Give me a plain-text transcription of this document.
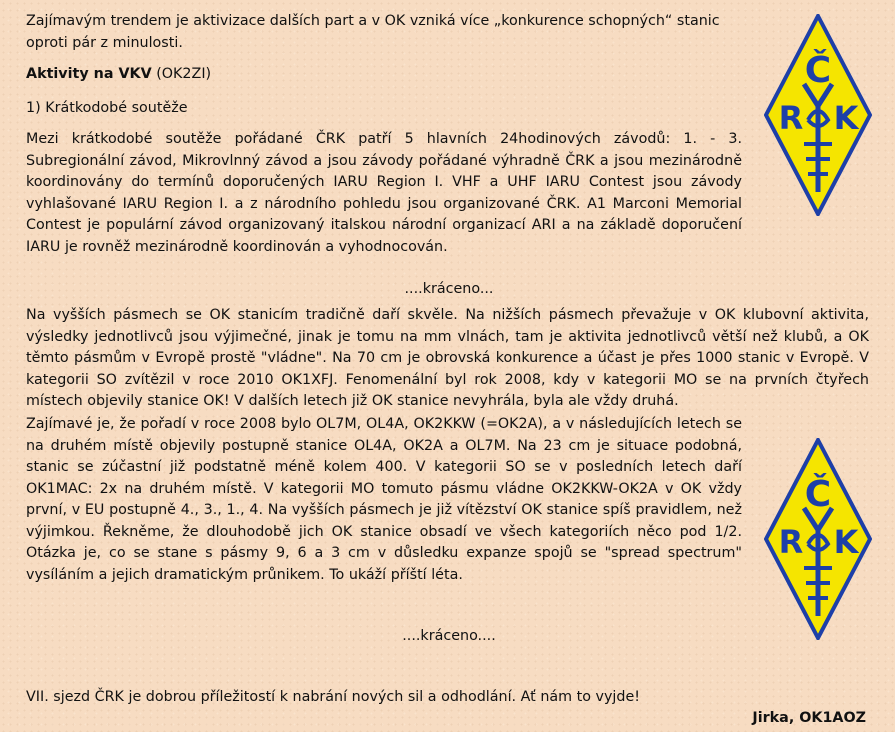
Zajímavým trendem je aktivizace dalších part a v OK vzniká více „konkurence schopných“ stanic oproti pár z minulosti.

Aktivity na VKV (OK2ZI)

1) Krátkodobé soutěže

Mezi krátkodobé soutěže pořádané ČRK patří 5 hlavních 24hodinových závodů: 1. - 3. Subregionální závod, Mikrovlnný závod a jsou závody pořádané výhradně ČRK a jsou mezinárodně koordinovány do termínů doporučených IARU Region I. VHF a UHF IARU Contest jsou závody vyhlašované IARU Region I. a z národního pohledu jsou organizované ČRK. A1 Marconi Memorial Contest je populární závod organizovaný italskou národní organizací ARI a na základě doporučení IARU je rovněž mezinárodně koordinován a vyhodnocován.

....kráceno...

Na vyšších pásmech se OK stanicím tradičně daří skvěle. Na nižších pásmech převažuje v OK klubovní aktivita, výsledky jednotlivců jsou výjimečné, jinak je tomu na mm vlnách, tam je aktivita jednotlivců větší než klubů, a OK těmto pásmům v Evropě prostě "vládne". Na 70 cm je obrovská konkurence a účast je přes 1000 stanic v Evropě. V kategorii SO zvítězil v roce 2010 OK1XFJ. Fenomenální byl rok 2008, kdy v kategorii MO se na prvních čtyřech místech objevily stanice OK! V dalších letech již OK stanice nevyhrála, byla ale vždy druhá.

Zajímavé je, že pořadí v roce 2008 bylo OL7M, OL4A, OK2KKW (=OK2A), a v následujících letech se na druhém místě objevily postupně stanice OL4A, OK2A a OL7M. Na 23 cm je situace podobná, stanic se zúčastní již podstatně méně kolem 400. V kategorii SO se v posledních letech daří OK1MAC: 2x na druhém místě. V kategorii MO tomuto pásmu vládne OK2KKW-OK2A v OK vždy první, v EU postupně 4., 3., 1., 4. Na vyšších pásmech je již vítězství OK stanice spíš pravidlem, než výjimkou. Řekněme, že dlouhodobě jich OK stanice obsadí ve všech kategoriích něco pod 1/2. Otázka je, co se stane s pásmy 9, 6 a 3 cm v důsledku expanze spojů se "spread spectrum" vysíláním a jejich dramatickým průnikem. To ukáží příští léta.

....kráceno....

VII. sjezd ČRK je dobrou příležitostí k nabrání nových sil a odhodlání. Ať nám to vyjde!

Jirka, OK1AOZ

Č
R K
Č
R K
